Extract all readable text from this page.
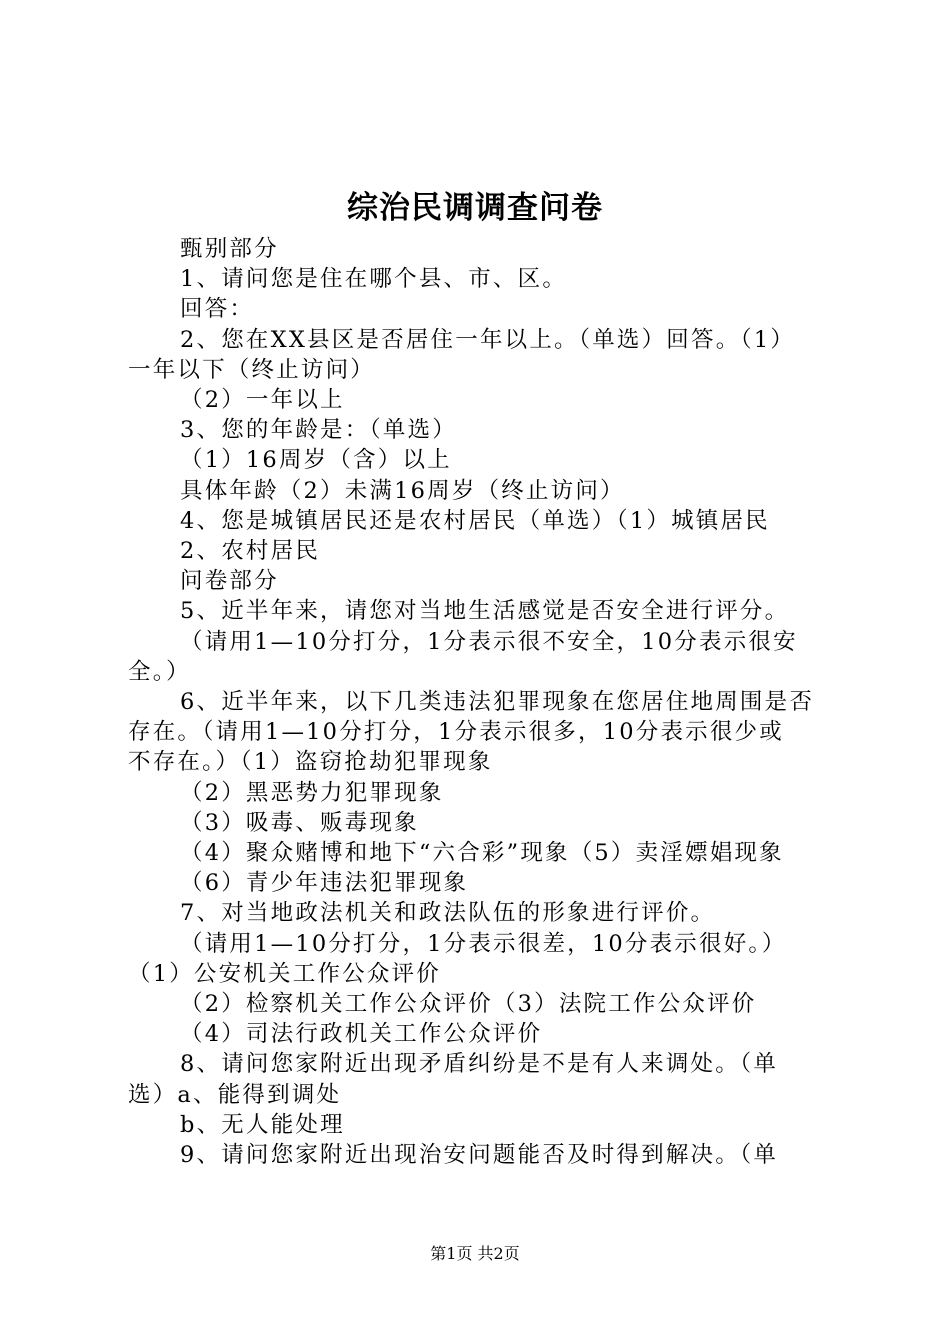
综治民调调查问卷
甄别部分
1、请问您是住在哪个县、市、区。
回答：
2、您在XX县区是否居住一年以上。（单选）回答。（1）
一年以下（终止访问）
（2）一年以上
3、您的年龄是：（单选）
（1）16周岁（含）以上
具体年龄（2）未满16周岁（终止访问）
4、您是城镇居民还是农村居民（单选）（1）城镇居民
2、农村居民
问卷部分
5、近半年来，请您对当地生活感觉是否安全进行评分。
（请用1—10分打分，1分表示很不安全，10分表示很安
全。）
6、近半年来，以下几类违法犯罪现象在您居住地周围是否
存在。（请用1—10分打分，1分表示很多，10分表示很少或
不存在。）（1）盗窃抢劫犯罪现象
（2）黑恶势力犯罪现象
（3）吸毒、贩毒现象
（4）聚众赌博和地下“六合彩”现象（5）卖淫嫖娼现象
（6）青少年违法犯罪现象
7、对当地政法机关和政法队伍的形象进行评价。
（请用1—10分打分，1分表示很差，10分表示很好。）
（1）公安机关工作公众评价
（2）检察机关工作公众评价（3）法院工作公众评价
（4）司法行政机关工作公众评价
8、请问您家附近出现矛盾纠纷是不是有人来调处。（单
选）a、能得到调处
b、无人能处理
9、请问您家附近出现治安问题能否及时得到解决。（单
第1页 共2页
